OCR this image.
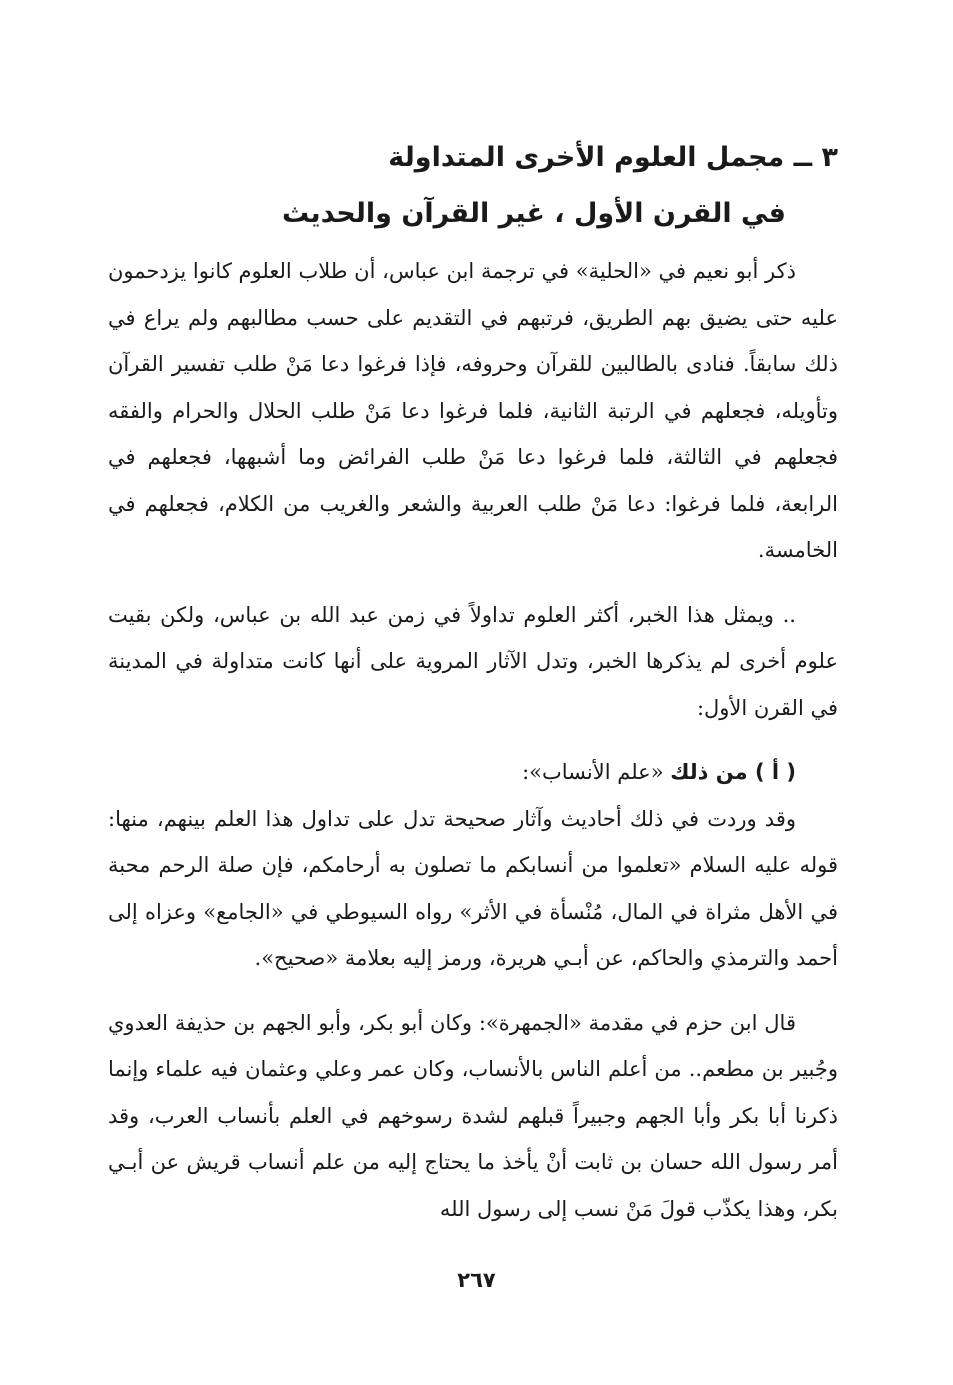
٣ ــ مجمل العلوم الأخرى المتداولة
في القرن الأول ، غير القرآن والحديث

ذكر أبو نعيم في «الحلية» في ترجمة ابن عباس، أن طلاب العلوم كانوا يزدحمون عليه حتى يضيق بهم الطريق، فرتبهم في التقديم على حسب مطالبهم ولم يراع في ذلك سابقاً. فنادى بالطالبين للقرآن وحروفه، فإذا فرغوا دعا مَنْ طلب تفسير القرآن وتأويله، فجعلهم في الرتبة الثانية، فلما فرغوا دعا مَنْ طلب الحلال والحرام والفقه فجعلهم في الثالثة، فلما فرغوا دعا مَنْ طلب الفرائض وما أشبهها، فجعلهم في الرابعة، فلما فرغوا: دعا مَنْ طلب العربية والشعر والغريب من الكلام، فجعلهم في الخامسة.

.. ويمثل هذا الخبر، أكثر العلوم تداولاً في زمن عبد الله بن عباس، ولكن بقيت علوم أخرى لم يذكرها الخبر، وتدل الآثار المروية على أنها كانت متداولة في المدينة في القرن الأول:

( أ ) من ذلك «علم الأنساب»:

وقد وردت في ذلك أحاديث وآثار صحيحة تدل على تداول هذا العلم بينهم، منها: قوله عليه السلام «تعلموا من أنسابكم ما تصلون به أرحامكم، فإن صلة الرحم محبة في الأهل مثراة في المال، مُنْسأة في الأثر» رواه السيوطي في «الجامع» وعزاه إلى أحمد والترمذي والحاكم، عن أبـي هريرة، ورمز إليه بعلامة «صحيح».

قال ابن حزم في مقدمة «الجمهرة»: وكان أبو بكر، وأبو الجهم بن حذيفة العدوي وجُبير بن مطعم.. من أعلم الناس بالأنساب، وكان عمر وعلي وعثمان فيه علماء وإنما ذكرنا أبا بكر وأبا الجهم وجبيراً قبلهم لشدة رسوخهم في العلم بأنساب العرب، وقد أمر رسول الله حسان بن ثابت أنْ يأخذ ما يحتاج إليه من علم أنساب قريش عن أبـي بكر، وهذا يكذّب قولَ مَنْ نسب إلى رسول الله

٢٦٧
